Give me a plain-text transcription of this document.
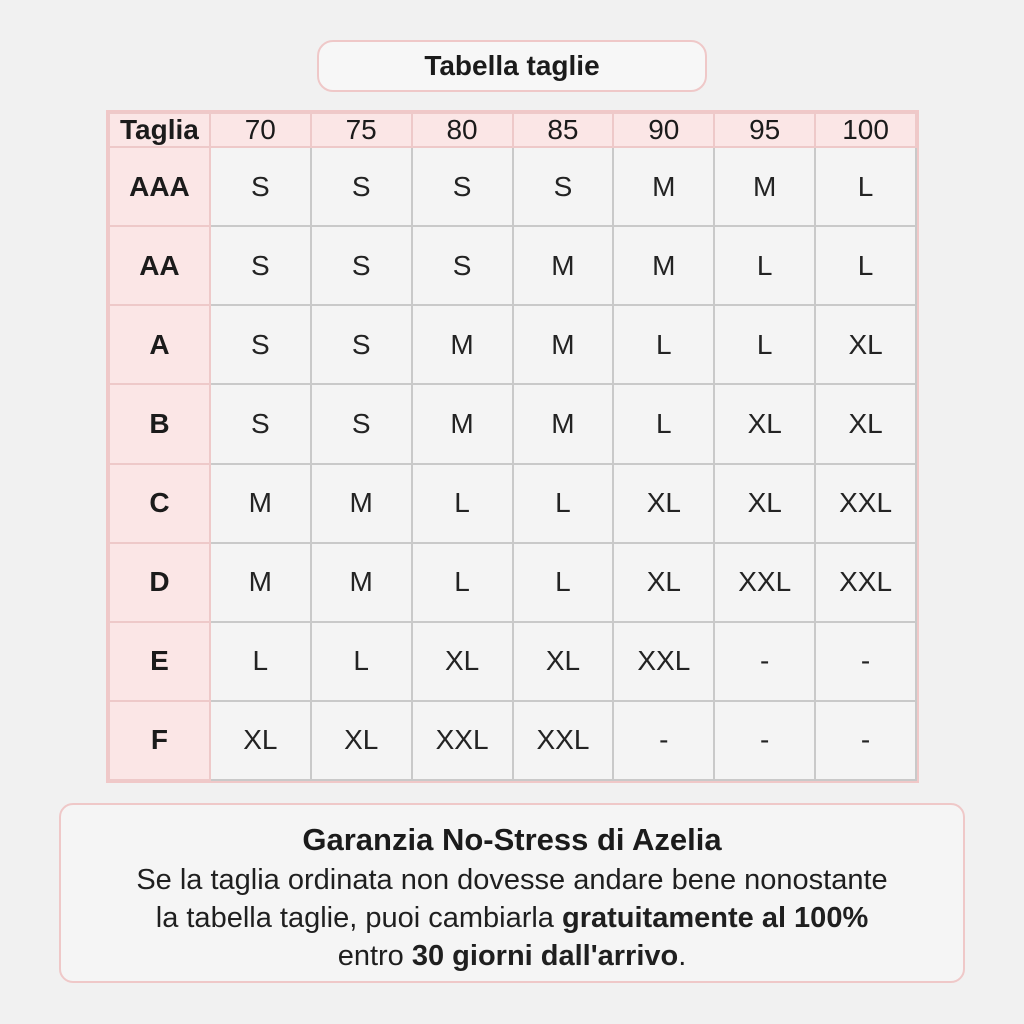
Tabella taglie
Taglia	70	75	80	85	90	95	100
AAA	S	S	S	S	M	M	L
AA	S	S	S	M	M	L	L
A	S	S	M	M	L	L	XL
B	S	S	M	M	L	XL	XL
C	M	M	L	L	XL	XL	XXL
D	M	M	L	L	XL	XXL	XXL
E	L	L	XL	XL	XXL	-	-
F	XL	XL	XXL	XXL	-	-	-
Garanzia No-Stress di Azelia
Se la taglia ordinata non dovesse andare bene nonostante
la tabella taglie, puoi cambiarla gratuitamente al 100%
entro 30 giorni dall'arrivo.
